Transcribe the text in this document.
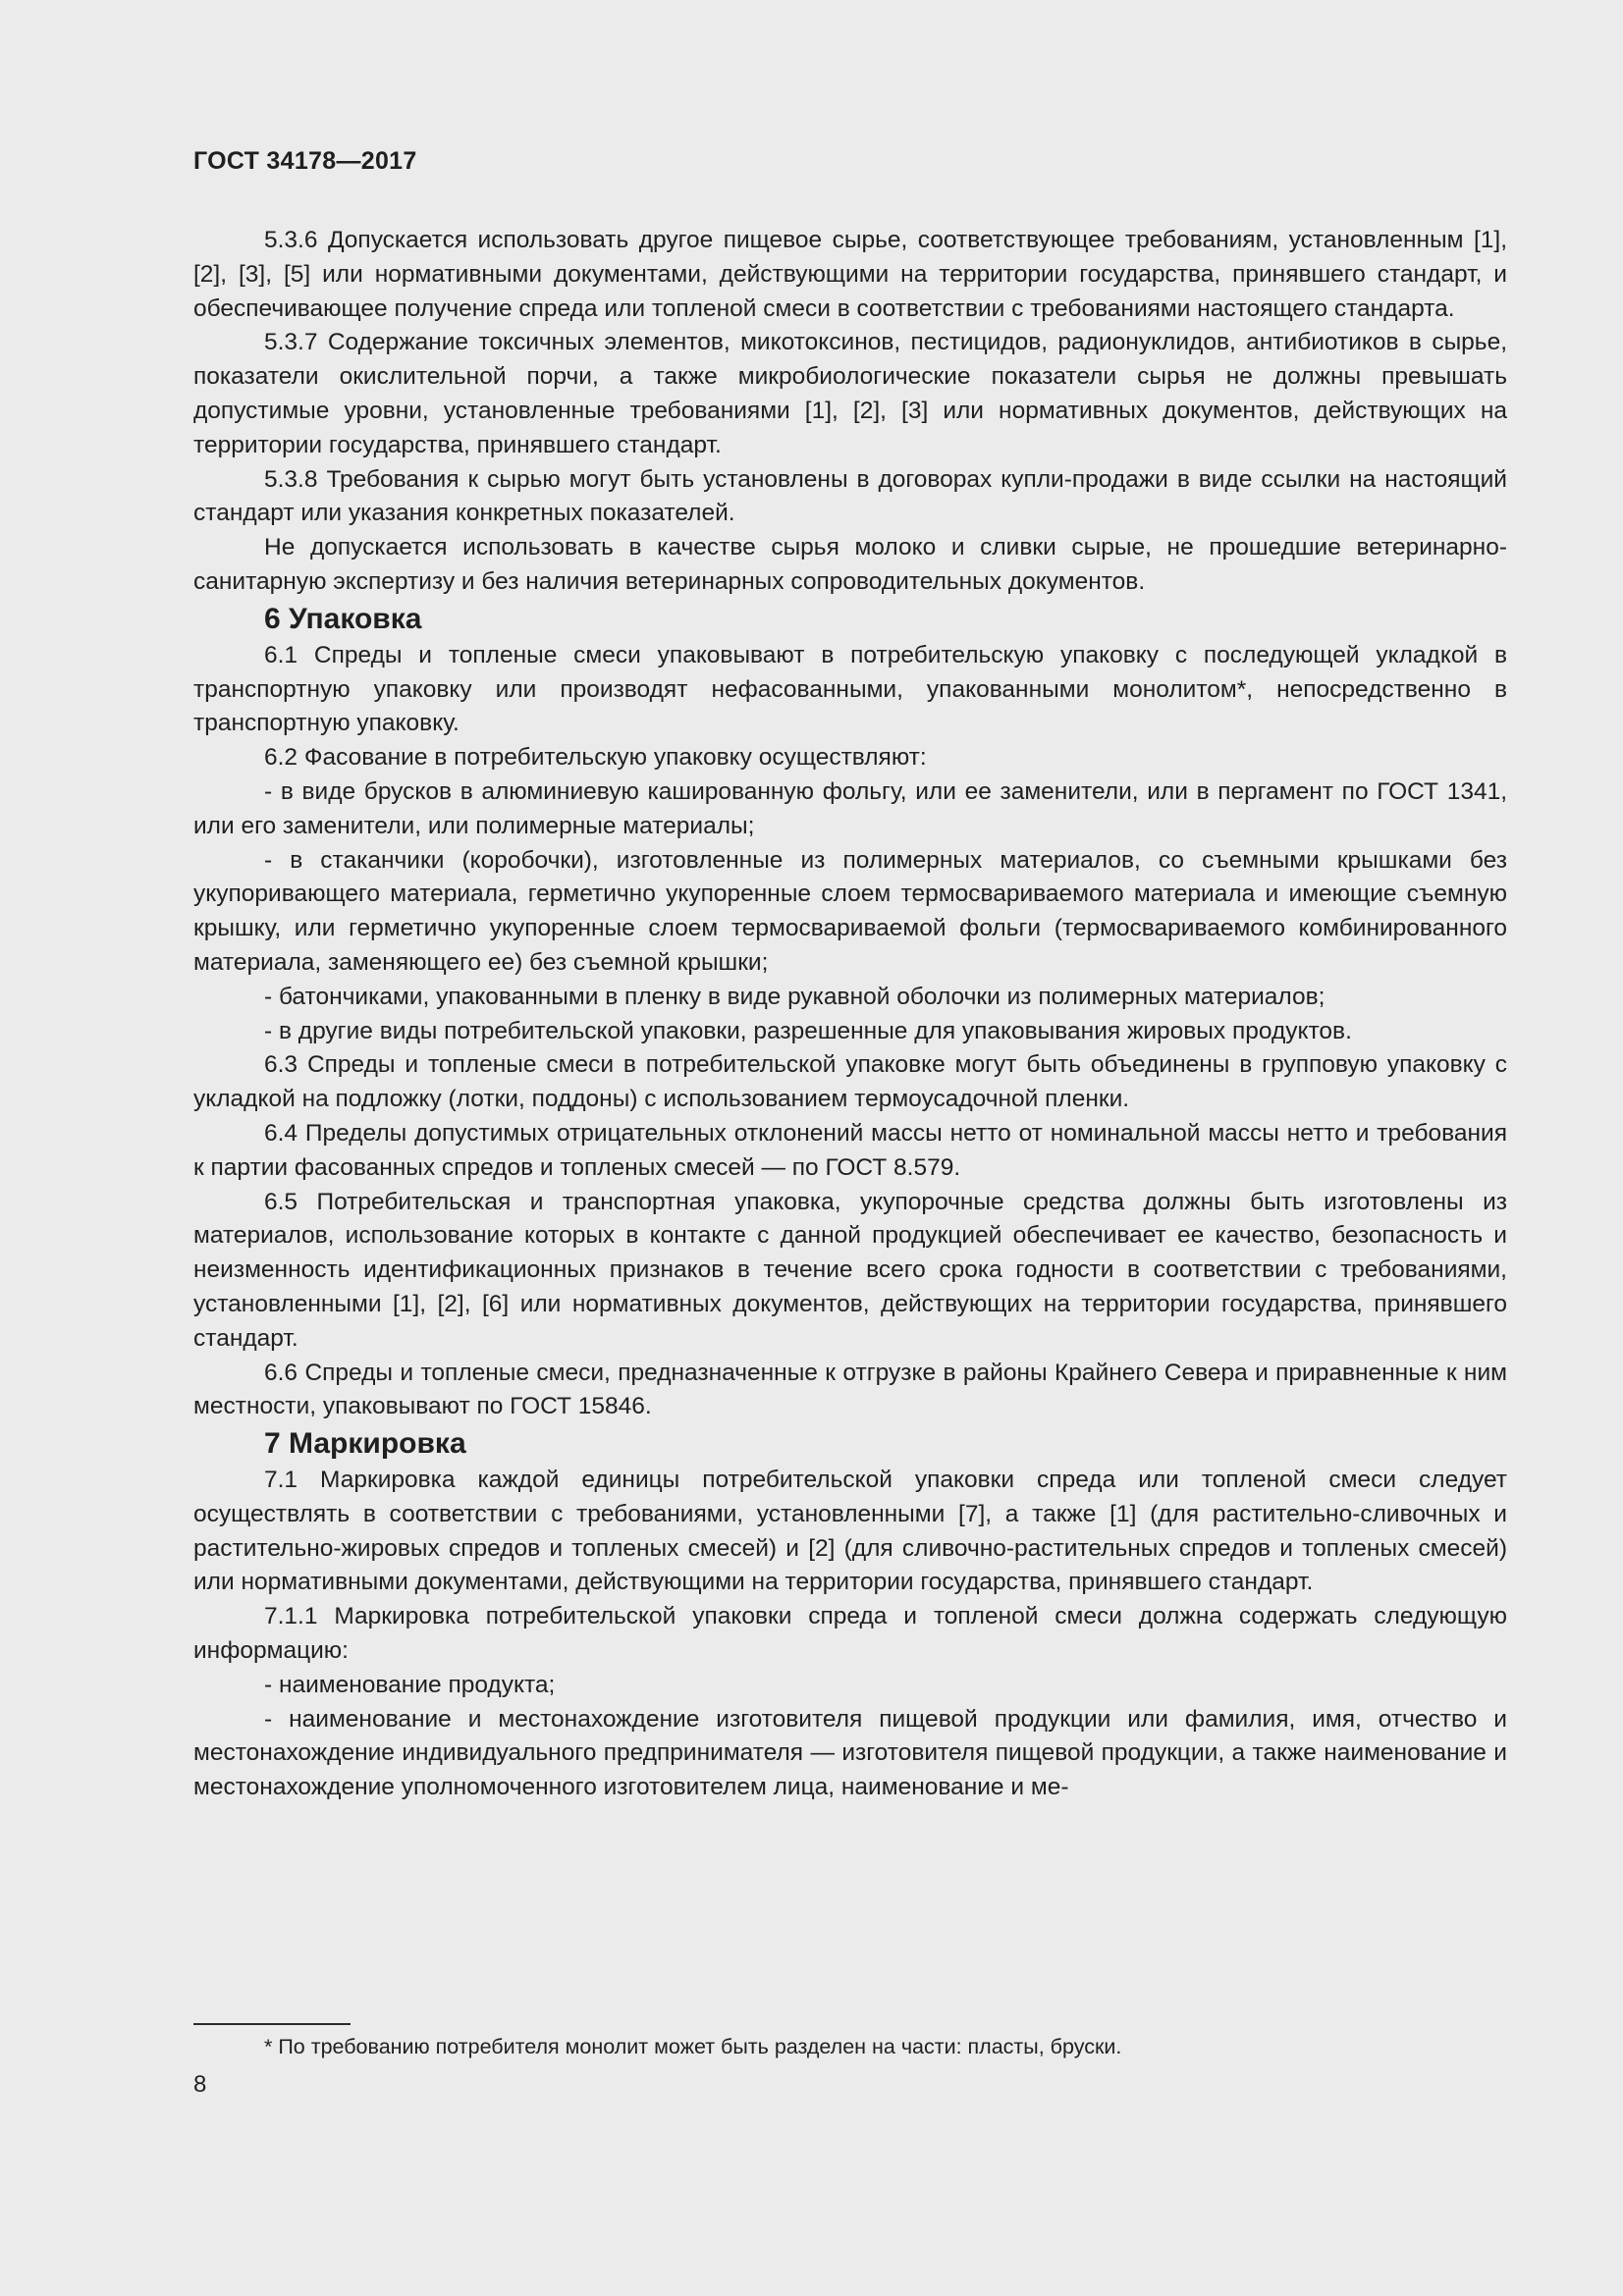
ГОСТ 34178—2017

5.3.6 Допускается использовать другое пищевое сырье, соответствующее требованиям, установленным [1], [2], [3], [5] или нормативными документами, действующими на территории государства, принявшего стандарт, и обеспечивающее получение спреда или топленой смеси в соответствии с требованиями настоящего стандарта.

5.3.7 Содержание токсичных элементов, микотоксинов, пестицидов, радионуклидов, антибиотиков в сырье, показатели окислительной порчи, а также микробиологические показатели сырья не должны превышать допустимые уровни, установленные требованиями [1], [2], [3] или нормативных документов, действующих на территории государства, принявшего стандарт.

5.3.8 Требования к сырью могут быть установлены в договорах купли-продажи в виде ссылки на настоящий стандарт или указания конкретных показателей.

Не допускается использовать в качестве сырья молоко и сливки сырые, не прошедшие ветеринарно-санитарную экспертизу и без наличия ветеринарных сопроводительных документов.

6 Упаковка

6.1 Спреды и топленые смеси упаковывают в потребительскую упаковку с последующей укладкой в транспортную упаковку или производят нефасованными, упакованными монолитом*, непосредственно в транспортную упаковку.

6.2 Фасование в потребительскую упаковку осуществляют:

- в виде брусков в алюминиевую кашированную фольгу, или ее заменители, или в пергамент по ГОСТ 1341, или его заменители, или полимерные материалы;

- в стаканчики (коробочки), изготовленные из полимерных материалов, со съемными крышками без укупоривающего материала, герметично укупоренные слоем термосвариваемого материала и имеющие съемную крышку, или герметично укупоренные слоем термосвариваемой фольги (термосвариваемого комбинированного материала, заменяющего ее) без съемной крышки;

- батончиками, упакованными в пленку в виде рукавной оболочки из полимерных материалов;

- в другие виды потребительской упаковки, разрешенные для упаковывания жировых продуктов.

6.3 Спреды и топленые смеси в потребительской упаковке могут быть объединены в групповую упаковку с укладкой на подложку (лотки, поддоны) с использованием термоусадочной пленки.

6.4 Пределы допустимых отрицательных отклонений массы нетто от номинальной массы нетто и требования к партии фасованных спредов и топленых смесей — по ГОСТ 8.579.

6.5 Потребительская и транспортная упаковка, укупорочные средства должны быть изготовлены из материалов, использование которых в контакте с данной продукцией обеспечивает ее качество, безопасность и неизменность идентификационных признаков в течение всего срока годности в соответствии с требованиями, установленными [1], [2], [6] или нормативных документов, действующих на территории государства, принявшего стандарт.

6.6 Спреды и топленые смеси, предназначенные к отгрузке в районы Крайнего Севера и приравненные к ним местности, упаковывают по ГОСТ 15846.

7 Маркировка

7.1 Маркировка каждой единицы потребительской упаковки спреда или топленой смеси следует осуществлять в соответствии с требованиями, установленными [7], а также [1] (для растительно-сливочных и растительно-жировых спредов и топленых смесей) и [2] (для сливочно-растительных спредов и топленых смесей) или нормативными документами, действующими на территории государства, принявшего стандарт.

7.1.1 Маркировка потребительской упаковки спреда и топленой смеси должна содержать следующую информацию:

- наименование продукта;

- наименование и местонахождение изготовителя пищевой продукции или фамилия, имя, отчество и местонахождение индивидуального предпринимателя — изготовителя пищевой продукции, а также наименование и местонахождение уполномоченного изготовителем лица, наименование и ме-

* По требованию потребителя монолит может быть разделен на части: пласты, бруски.
8
